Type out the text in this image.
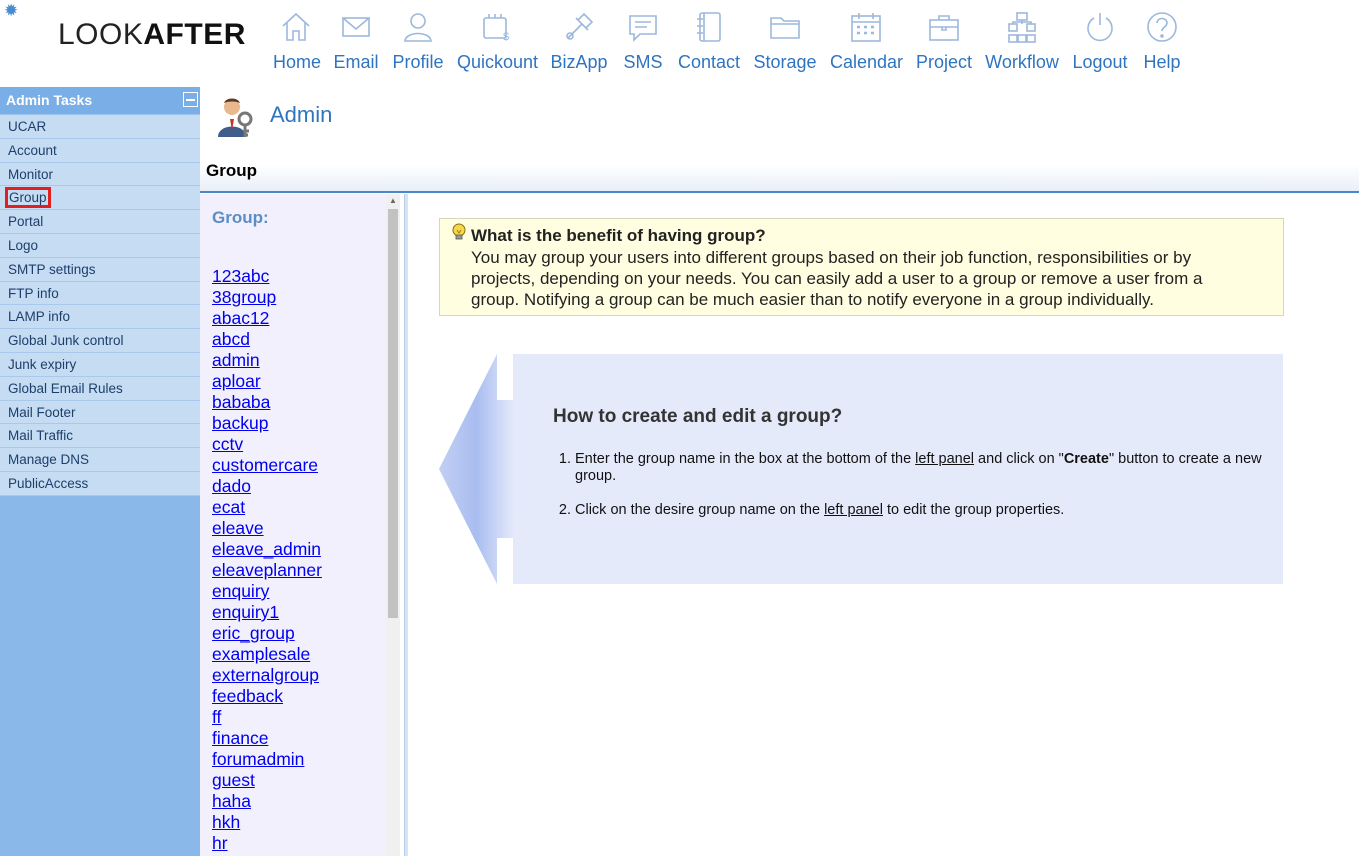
✹
LOOKAFTER
Home Email Profile
$
Quickount BizApp SMS Contact Storage Calendar Project Workflow Logout Help
Admin Tasks
UCAR
Account
Monitor
Group
Portal
Logo
SMTP settings
FTP info
LAMP info
Global Junk control
Junk expiry
Global Email Rules
Mail Footer
Mail Traffic
Manage DNS
PublicAccess
Admin
Group
Group:
123abc
38group
abac12
abcd
admin
aploar
bababa
backup
cctv
customercare
dado
ecat
eleave
eleave_admin
eleaveplanner
enquiry
enquiry1
eric_group
examplesale
externalgroup
feedback
ff
finance
forumadmin
guest
haha
hkh
hr
▲
What is the benefit of having group?
You may group your users into different groups based on their job function, responsibilities or by projects, depending on your needs. You can easily add a user to a group or remove a user from a group. Notifying a group can be much easier than to notify everyone in a group individually.
How to create and edit a group?
1. Enter the group name in the box at the bottom of the left panel and click on "Create" button to create a new group.
2. Click on the desire group name on the left panel to edit the group properties.
